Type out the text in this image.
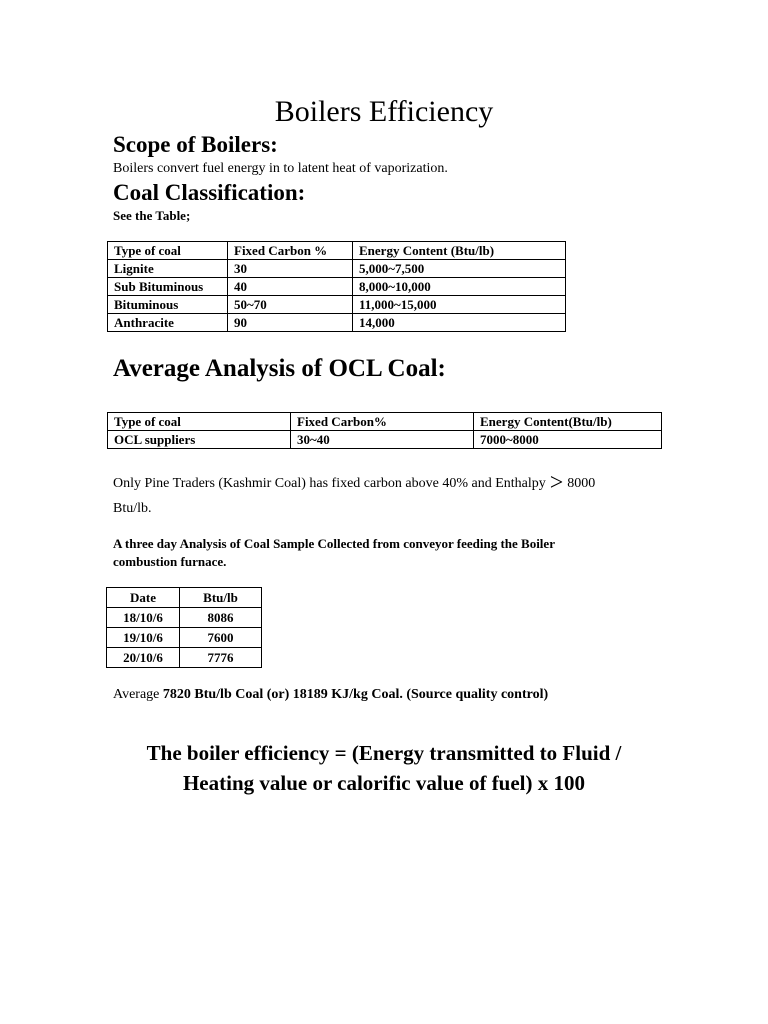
Boilers Efficiency
Scope of Boilers:
Boilers convert fuel energy in to latent heat of vaporization.
Coal Classification:
See the Table;
Type of coal	Fixed Carbon %	Energy Content (Btu/lb)
Lignite	30	5,000~7,500
Sub Bituminous	40	8,000~10,000
Bituminous	50~70	11,000~15,000
Anthracite	90	14,000
Average Analysis of OCL Coal:
Type of coal	Fixed Carbon%	Energy Content(Btu/lb)
OCL suppliers	30~40	7000~8000
Only Pine Traders (Kashmir Coal) has fixed carbon above 40% and Enthalpy > 8000
Btu/lb.
A three day Analysis of Coal Sample Collected from conveyor feeding the Boiler
combustion furnace.
Date	Btu/lb
18/10/6	8086
19/10/6	7600
20/10/6	7776
Average 7820 Btu/lb Coal (or) 18189 KJ/kg Coal. (Source quality control)
The boiler efficiency = (Energy transmitted to Fluid /
Heating value or calorific value of fuel) x 100
